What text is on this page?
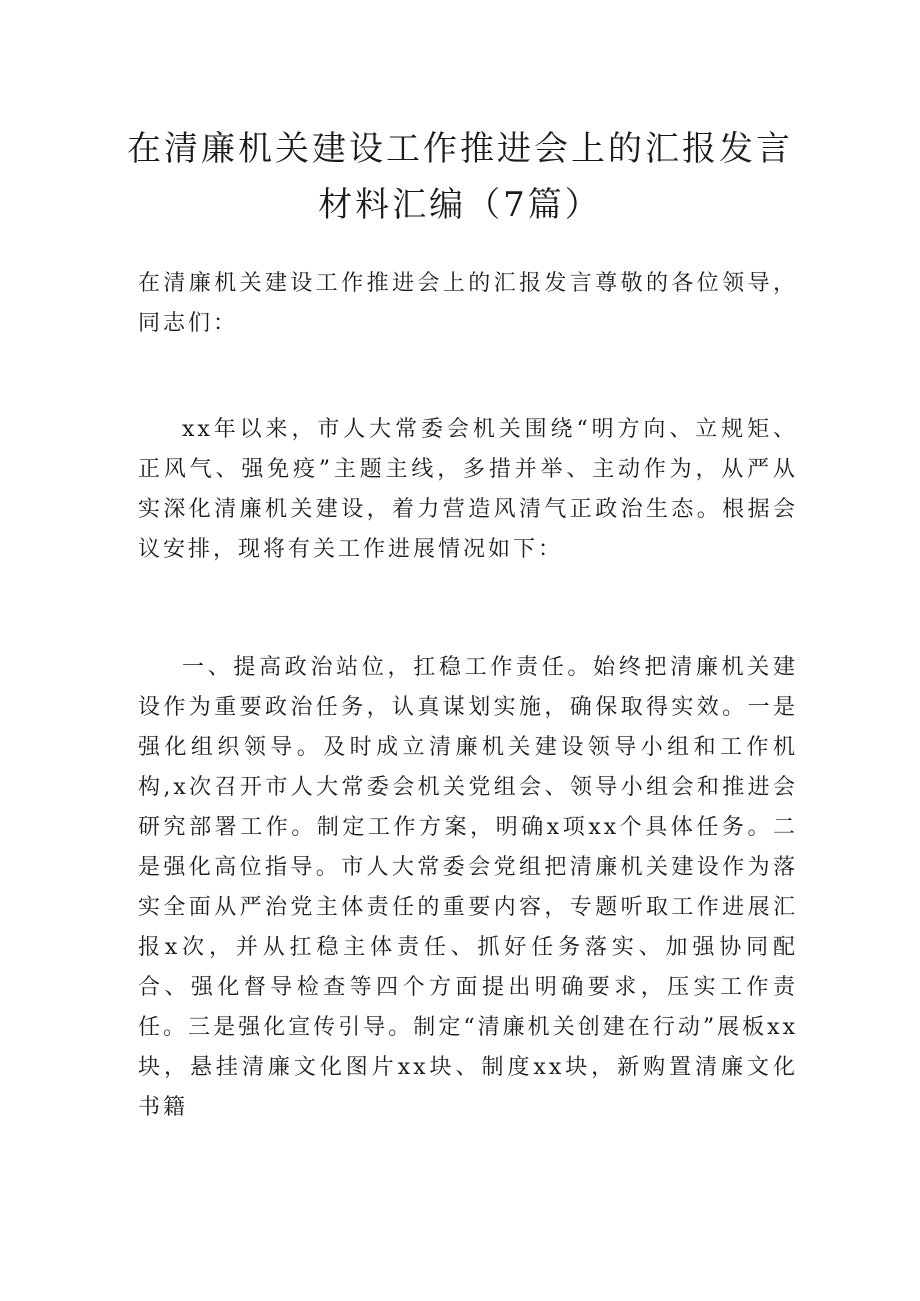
在清廉机关建设工作推进会上的汇报发言
材料汇编（7篇）

在清廉机关建设工作推进会上的汇报发言尊敬的各位领导，同志们：

xx年以来，市人大常委会机关围绕“明方向、立规矩、正风气、强免疫”主题主线，多措并举、主动作为，从严从实深化清廉机关建设，着力营造风清气正政治生态。根据会议安排，现将有关工作进展情况如下：

一、提高政治站位，扛稳工作责任。始终把清廉机关建设作为重要政治任务，认真谋划实施，确保取得实效。一是强化组织领导。及时成立清廉机关建设领导小组和工作机构,x次召开市人大常委会机关党组会、领导小组会和推进会研究部署工作。制定工作方案，明确x项xx个具体任务。二是强化高位指导。市人大常委会党组把清廉机关建设作为落实全面从严治党主体责任的重要内容，专题听取工作进展汇报x次，并从扛稳主体责任、抓好任务落实、加强协同配合、强化督导检查等四个方面提出明确要求，压实工作责任。三是强化宣传引导。制定“清廉机关创建在行动”展板xx块，悬挂清廉文化图片xx块、制度xx块，新购置清廉文化书籍
